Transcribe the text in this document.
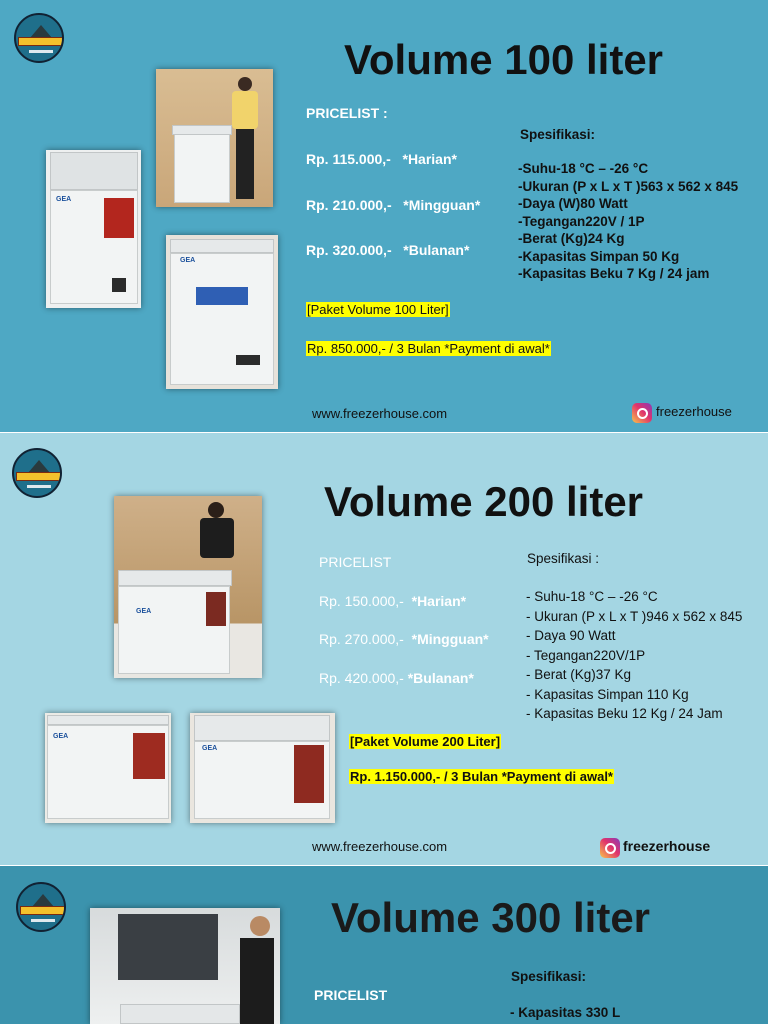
Volume 100 liter
GEA
GEA
PRICELIST :
Rp. 115.000,- *Harian*
Rp. 210.000,- *Mingguan*
Rp. 320.000,- *Bulanan*
Spesifikasi:
-Suhu-18 °C – -26 °C
-Ukuran (P x L x T )563 x 562 x 845
-Daya (W)80 Watt
-Tegangan220V / 1P
-Berat (Kg)24 Kg
-Kapasitas Simpan 50 Kg
-Kapasitas Beku 7 Kg / 24 jam
[Paket Volume 100 Liter]
Rp. 850.000,- / 3 Bulan *Payment di awal*
www.freezerhouse.com	freezerhouse
Volume 200 liter
GEA
GEA
GEA
PRICELIST
Rp. 150.000,- *Harian*
Rp. 270.000,- *Mingguan*
Rp. 420.000,- *Bulanan*
Spesifikasi :
- Suhu-18 °C – -26 °C
- Ukuran (P x L x T )946 x 562 x 845
- Daya 90 Watt
- Tegangan220V/1P
- Berat (Kg)37 Kg
- Kapasitas Simpan 110 Kg
- Kapasitas Beku 12 Kg / 24 Jam
[Paket Volume 200 Liter]
Rp. 1.150.000,- / 3 Bulan *Payment di awal*
www.freezerhouse.com	freezerhouse
Volume 300 liter
PRICELIST
Spesifikasi:
- Kapasitas 330 L
